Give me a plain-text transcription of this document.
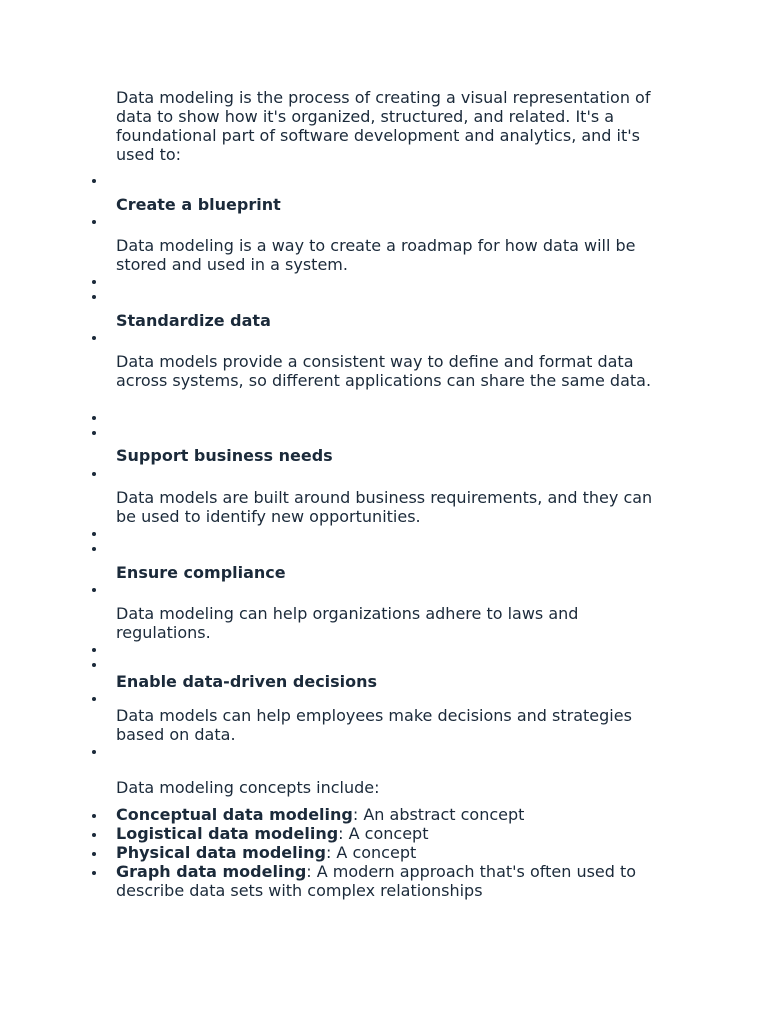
Data modeling is the process of creating a visual representation of data to show how it's organized, structured, and related. It's a foundational part of software development and analytics, and it's used to:

Create a blueprint

Data modeling is a way to create a roadmap for how data will be stored and used in a system.

Standardize data

Data models provide a consistent way to define and format data across systems, so different applications can share the same data.

Support business needs

Data models are built around business requirements, and they can be used to identify new opportunities.

Ensure compliance

Data modeling can help organizations adhere to laws and regulations.

Enable data-driven decisions

Data models can help employees make decisions and strategies based on data.

Data modeling concepts include:

Conceptual data modeling: An abstract concept

Logistical data modeling: A concept

Physical data modeling: A concept

Graph data modeling: A modern approach that's often used to describe data sets with complex relationships
